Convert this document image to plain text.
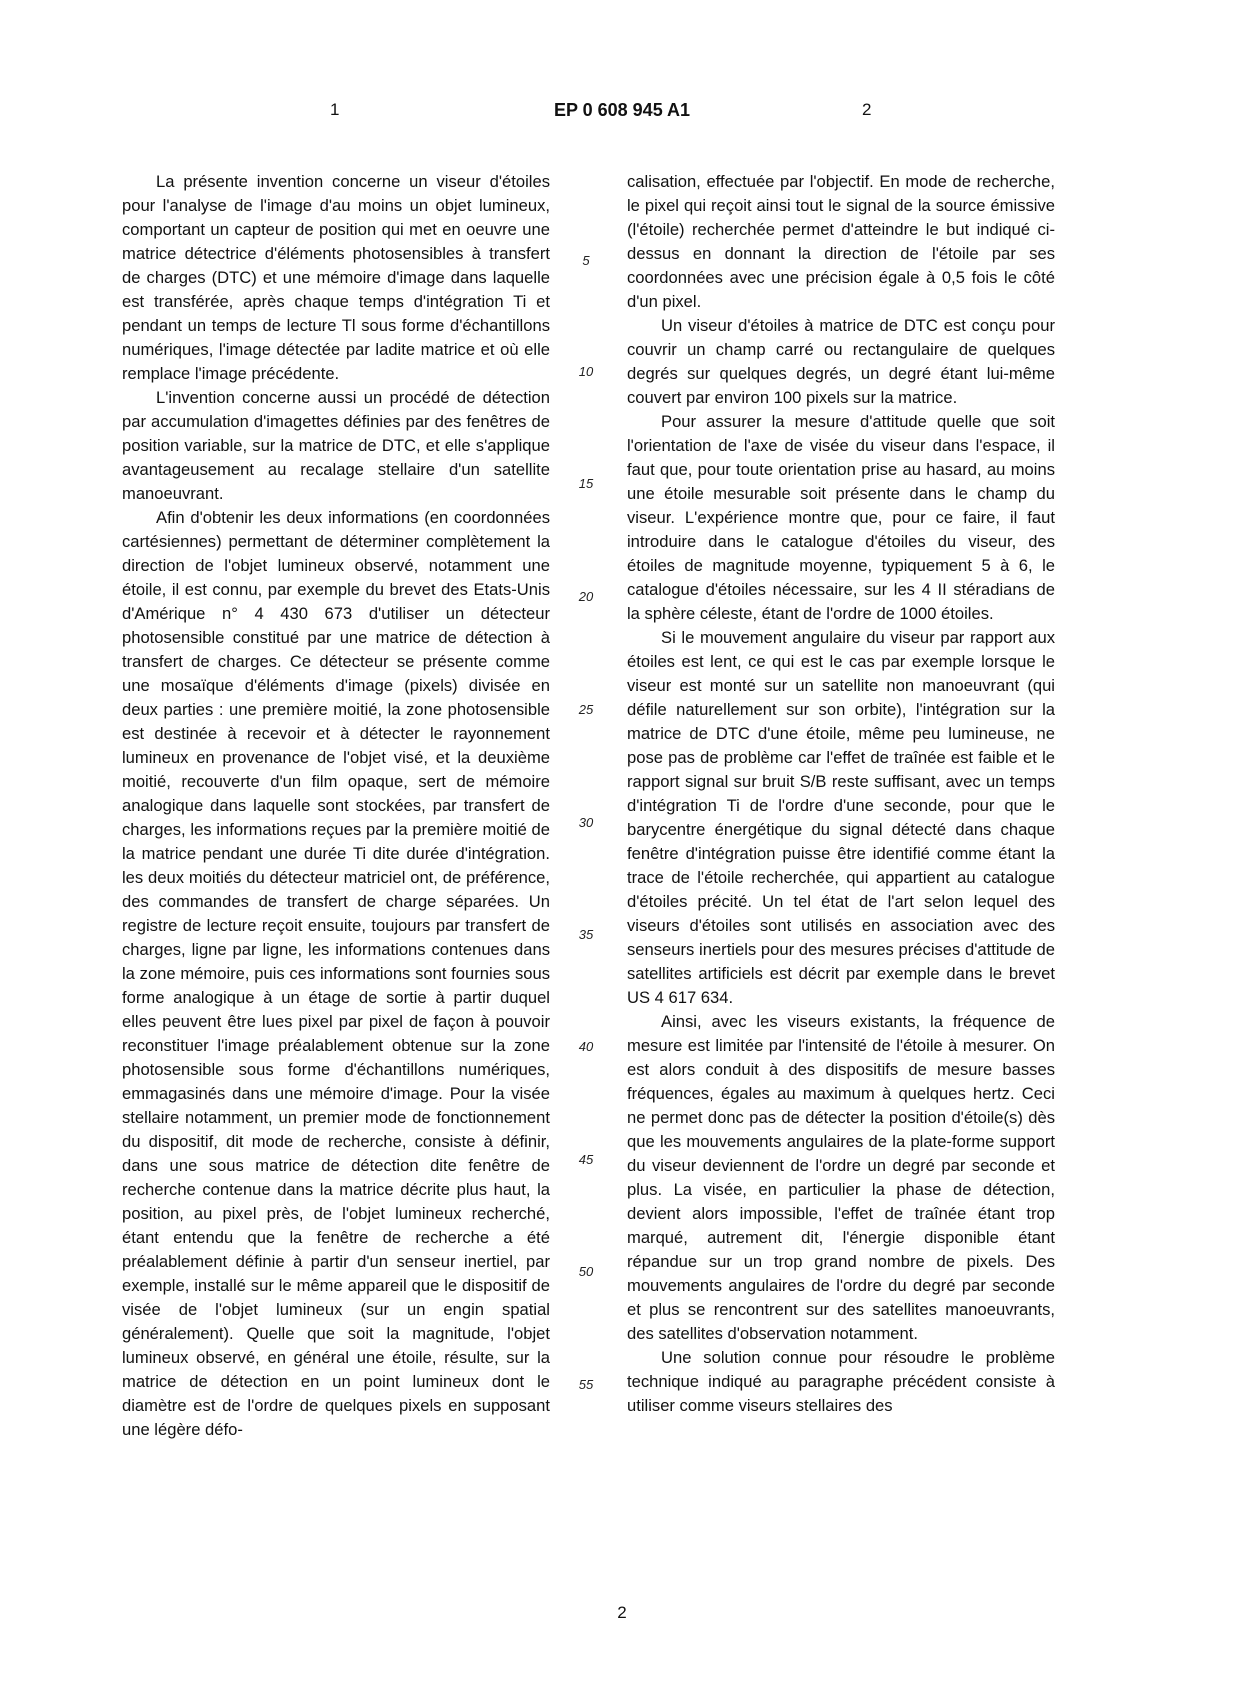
1	EP 0 608 945 A1	2

La présente invention concerne un viseur d'étoiles pour l'analyse de l'image d'au moins un objet lumineux, comportant un capteur de position qui met en oeuvre une matrice détectrice d'éléments photosensibles à transfert de charges (DTC) et une mémoire d'image dans laquelle est transférée, après chaque temps d'intégration Ti et pendant un temps de lecture Tl sous forme d'échantillons numériques, l'image détectée par ladite matrice et où elle remplace l'image précédente.

L'invention concerne aussi un procédé de détection par accumulation d'imagettes définies par des fenêtres de position variable, sur la matrice de DTC, et elle s'applique avantageusement au recalage stellaire d'un satellite manoeuvrant.

Afin d'obtenir les deux informations (en coordonnées cartésiennes) permettant de déterminer complètement la direction de l'objet lumineux observé, notamment une étoile, il est connu, par exemple du brevet des Etats-Unis d'Amérique n° 4 430 673 d'utiliser un détecteur photosensible constitué par une matrice de détection à transfert de charges. Ce détecteur se présente comme une mosaïque d'éléments d'image (pixels) divisée en deux parties : une première moitié, la zone photosensible est destinée à recevoir et à détecter le rayonnement lumineux en provenance de l'objet visé, et la deuxième moitié, recouverte d'un film opaque, sert de mémoire analogique dans laquelle sont stockées, par transfert de charges, les informations reçues par la première moitié de la matrice pendant une durée Ti dite durée d'intégration. les deux moitiés du détecteur matriciel ont, de préférence, des commandes de transfert de charge séparées. Un registre de lecture reçoit ensuite, toujours par transfert de charges, ligne par ligne, les informations contenues dans la zone mémoire, puis ces informations sont fournies sous forme analogique à un étage de sortie à partir duquel elles peuvent être lues pixel par pixel de façon à pouvoir reconstituer l'image préalablement obtenue sur la zone photosensible sous forme d'échantillons numériques, emmagasinés dans une mémoire d'image. Pour la visée stellaire notamment, un premier mode de fonctionnement du dispositif, dit mode de recherche, consiste à définir, dans une sous matrice de détection dite fenêtre de recherche contenue dans la matrice décrite plus haut, la position, au pixel près, de l'objet lumineux recherché, étant entendu que la fenêtre de recherche a été préalablement définie à partir d'un senseur inertiel, par exemple, installé sur le même appareil que le dispositif de visée de l'objet lumineux (sur un engin spatial généralement). Quelle que soit la magnitude, l'objet lumineux observé, en général une étoile, résulte, sur la matrice de détection en un point lumineux dont le diamètre est de l'ordre de quelques pixels en supposant une légère défo-

5
10
15
20
25
30
35
40
45
50
55

calisation, effectuée par l'objectif. En mode de recherche, le pixel qui reçoit ainsi tout le signal de la source émissive (l'étoile) recherchée permet d'atteindre le but indiqué ci-dessus en donnant la direction de l'étoile par ses coordonnées avec une précision égale à 0,5 fois le côté d'un pixel.

Un viseur d'étoiles à matrice de DTC est conçu pour couvrir un champ carré ou rectangulaire de quelques degrés sur quelques degrés, un degré étant lui-même couvert par environ 100 pixels sur la matrice.

Pour assurer la mesure d'attitude quelle que soit l'orientation de l'axe de visée du viseur dans l'espace, il faut que, pour toute orientation prise au hasard, au moins une étoile mesurable soit présente dans le champ du viseur. L'expérience montre que, pour ce faire, il faut introduire dans le catalogue d'étoiles du viseur, des étoiles de magnitude moyenne, typiquement 5 à 6, le catalogue d'étoiles nécessaire, sur les 4 II stéradians de la sphère céleste, étant de l'ordre de 1000 étoiles.

Si le mouvement angulaire du viseur par rapport aux étoiles est lent, ce qui est le cas par exemple lorsque le viseur est monté sur un satellite non manoeuvrant (qui défile naturellement sur son orbite), l'intégration sur la matrice de DTC d'une étoile, même peu lumineuse, ne pose pas de problème car l'effet de traînée est faible et le rapport signal sur bruit S/B reste suffisant, avec un temps d'intégration Ti de l'ordre d'une seconde, pour que le barycentre énergétique du signal détecté dans chaque fenêtre d'intégration puisse être identifié comme étant la trace de l'étoile recherchée, qui appartient au catalogue d'étoiles précité. Un tel état de l'art selon lequel des viseurs d'étoiles sont utilisés en association avec des senseurs inertiels pour des mesures précises d'attitude de satellites artificiels est décrit par exemple dans le brevet US 4 617 634.

Ainsi, avec les viseurs existants, la fréquence de mesure est limitée par l'intensité de l'étoile à mesurer. On est alors conduit à des dispositifs de mesure basses fréquences, égales au maximum à quelques hertz. Ceci ne permet donc pas de détecter la position d'étoile(s) dès que les mouvements angulaires de la plate-forme support du viseur deviennent de l'ordre un degré par seconde et plus. La visée, en particulier la phase de détection, devient alors impossible, l'effet de traînée étant trop marqué, autrement dit, l'énergie disponible étant répandue sur un trop grand nombre de pixels. Des mouvements angulaires de l'ordre du degré par seconde et plus se rencontrent sur des satellites manoeuvrants, des satellites d'observation notamment.

Une solution connue pour résoudre le problème technique indiqué au paragraphe précédent consiste à utiliser comme viseurs stellaires des

2
